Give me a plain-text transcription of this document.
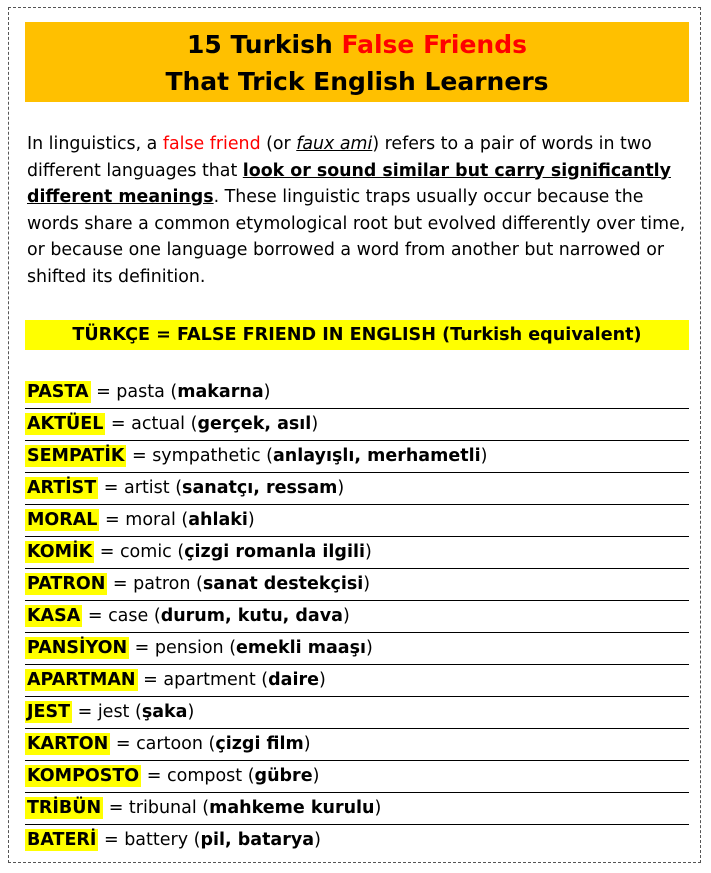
15 Turkish False Friends
That Trick English Learners

In linguistics, a false friend (or faux ami) refers to a pair of words in two different languages that look or sound similar but carry significantly different meanings. These linguistic traps usually occur because the words share a common etymological root but evolved differently over time, or because one language borrowed a word from another but narrowed or shifted its definition.

TÜRKÇE = FALSE FRIEND IN ENGLISH (Turkish equivalent)
PASTA = pasta (makarna)
AKTÜEL = actual (gerçek, asıl)
SEMPATİK = sympathetic (anlayışlı, merhametli)
ARTİST = artist (sanatçı, ressam)
MORAL = moral (ahlaki)
KOMİK = comic (çizgi romanla ilgili)
PATRON = patron (sanat destekçisi)
KASA = case (durum, kutu, dava)
PANSİYON = pension (emekli maaşı)
APARTMAN = apartment (daire)
JEST = jest (şaka)
KARTON = cartoon (çizgi film)
KOMPOSTO = compost (gübre)
TRİBÜN = tribunal (mahkeme kurulu)
BATERİ = battery (pil, batarya)
